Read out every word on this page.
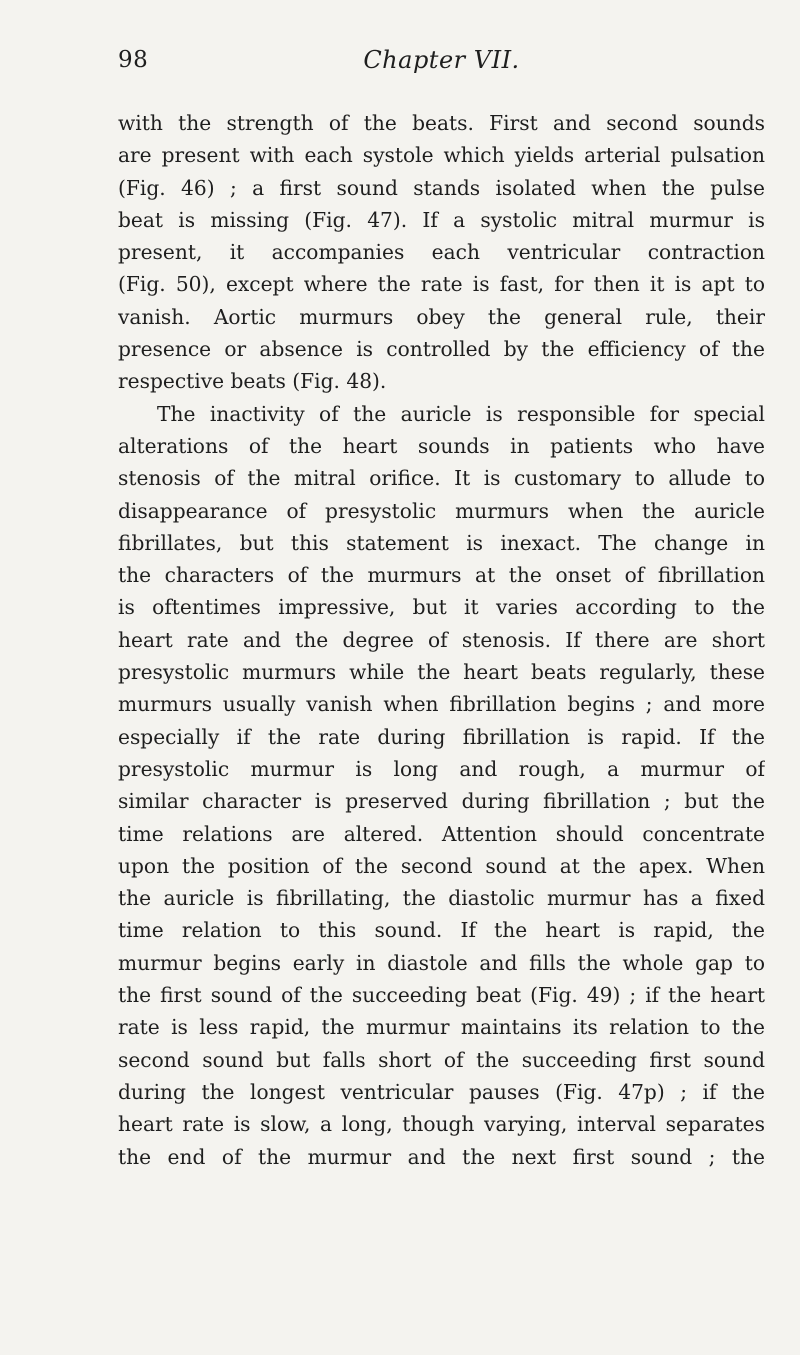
98	Chapter VII.
with the strength of the beats. First and second sounds
are present with each systole which yields arterial pulsation
(Fig. 46) ; a first sound stands isolated when the pulse
beat is missing (Fig. 47). If a systolic mitral murmur is
present, it accompanies each ventricular contraction
(Fig. 50), except where the rate is fast, for then it is apt to
vanish. Aortic murmurs obey the general rule, their
presence or absence is controlled by the efficiency of the
respective beats (Fig. 48).
The inactivity of the auricle is responsible for special
alterations of the heart sounds in patients who have
stenosis of the mitral orifice. It is customary to allude to
disappearance of presystolic murmurs when the auricle
fibrillates, but this statement is inexact. The change in
the characters of the murmurs at the onset of fibrillation
is oftentimes impressive, but it varies according to the
heart rate and the degree of stenosis. If there are short
presystolic murmurs while the heart beats regularly, these
murmurs usually vanish when fibrillation begins ; and more
especially if the rate during fibrillation is rapid. If the
presystolic murmur is long and rough, a murmur of
similar character is preserved during fibrillation ; but the
time relations are altered. Attention should concentrate
upon the position of the second sound at the apex. When
the auricle is fibrillating, the diastolic murmur has a fixed
time relation to this sound. If the heart is rapid, the
murmur begins early in diastole and fills the whole gap to
the first sound of the succeeding beat (Fig. 49) ; if the heart
rate is less rapid, the murmur maintains its relation to the
second sound but falls short of the succeeding first sound
during the longest ventricular pauses (Fig. 47p) ; if the
heart rate is slow, a long, though varying, interval separates
the end of the murmur and the next first sound ; the
